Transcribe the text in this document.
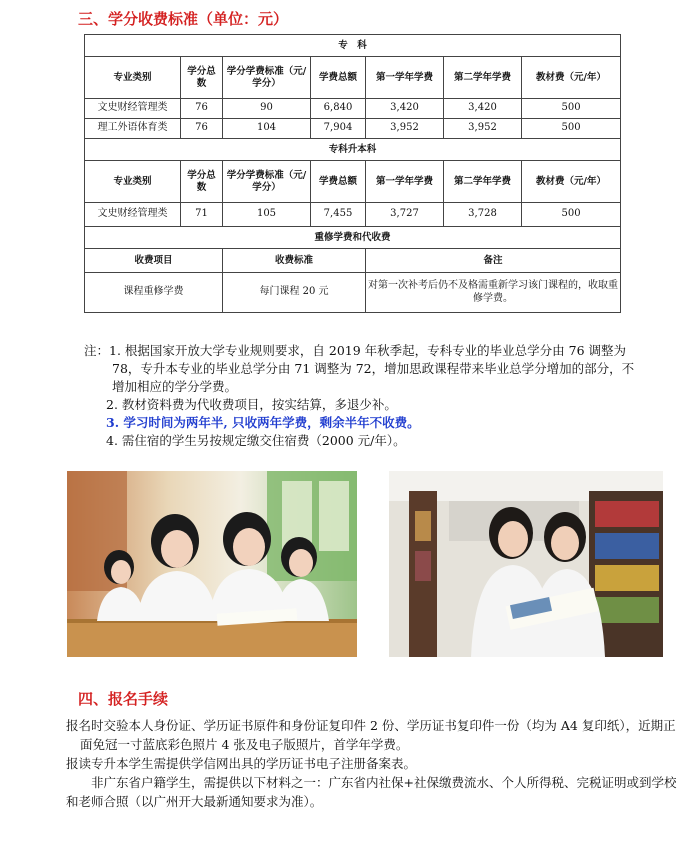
三、学分收费标准（单位：元）
专　科						
专业类别	学分总数	学分学费标准（元/学分）	学费总额	第一学年学费	第二学年学费	教材费（元/年）
文史财经管理类	76	90	6,840	3,420	3,420	500
理工外语体育类	76	104	7,904	3,952	3,952	500
专科升本科						
专业类别	学分总数	学分学费标准（元/学分）	学费总额	第一学年学费	第二学年学费	教材费（元/年）
文史财经管理类	71	105	7,455	3,727	3,728	500
重修学费和代收费						
收费项目		收费标准		备注		
课程重修学费		每门课程 20 元		对第一次补考后仍不及格需重新学习该门课程的，收取重修学费。		

注：1. 根据国家开放大学专业规则要求，自 2019 年秋季起，专科专业的毕业总学分由 76 调整为 78，专升本专业的毕业总学分由 71 调整为 72，增加思政课程带来毕业总学分增加的部分，不增加相应的学分学费。

2. 教材资料费为代收费项目，按实结算，多退少补。

3. 学习时间为两年半, 只收两年学费，剩余半年不收费。

4. 需住宿的学生另按规定缴交住宿费（2000 元/年）。

四、报名手续

报名时交验本人身份证、学历证书原件和身份证复印件 2 份、学历证书复印件一份（均为 A4 复印纸），近期正面免冠一寸蓝底彩色照片 4 张及电子版照片，首学年学费。

报读专升本学生需提供学信网出具的学历证书电子注册备案表。

非广东省户籍学生，需提供以下材料之一：广东省内社保+社保缴费流水、个人所得税、完税证明或到学校和老师合照（以广州开大最新通知要求为准）。
